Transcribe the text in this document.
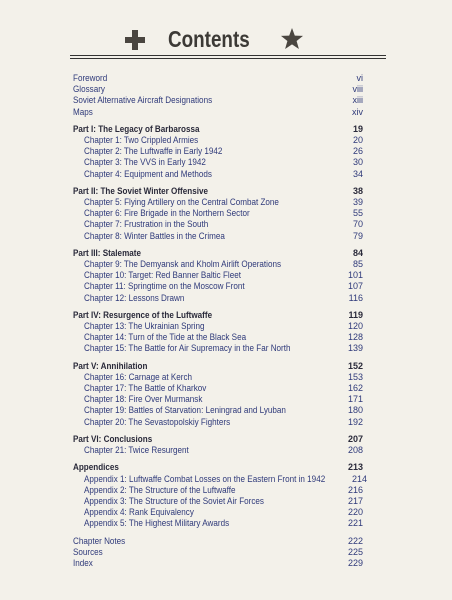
Contents
Foreword	vi
Glossary	viii
Soviet Alternative Aircraft Designations	xiii
Maps	xiv
Part I: The Legacy of Barbarossa	19
Chapter 1: Two Crippled Armies	20
Chapter 2: The Luftwaffe in Early 1942	26
Chapter 3: The VVS in Early 1942	30
Chapter 4: Equipment and Methods	34
Part II: The Soviet Winter Offensive	38
Chapter 5: Flying Artillery on the Central Combat Zone	39
Chapter 6: Fire Brigade in the Northern Sector	55
Chapter 7: Frustration in the South	70
Chapter 8: Winter Battles in the Crimea	79
Part III: Stalemate	84
Chapter 9: The Demyansk and Kholm Airlift Operations	85
Chapter 10: Target: Red Banner Baltic Fleet	101
Chapter 11: Springtime on the Moscow Front	107
Chapter 12: Lessons Drawn	116
Part IV: Resurgence of the Luftwaffe	119
Chapter 13: The Ukrainian Spring	120
Chapter 14: Turn of the Tide at the Black Sea	128
Chapter 15: The Battle for Air Supremacy in the Far North	139
Part V: Annihilation	152
Chapter 16: Carnage at Kerch	153
Chapter 17: The Battle of Kharkov	162
Chapter 18: Fire Over Murmansk	171
Chapter 19: Battles of Starvation: Leningrad and Lyuban	180
Chapter 20: The Sevastopolskiy Fighters	192
Part VI: Conclusions	207
Chapter 21: Twice Resurgent	208
Appendices	213
Appendix 1: Luftwaffe Combat Losses on the Eastern Front in 1942	214
Appendix 2: The Structure of the Luftwaffe	216
Appendix 3: The Structure of the Soviet Air Forces	217
Appendix 4: Rank Equivalency	220
Appendix 5: The Highest Military Awards	221
Chapter Notes	222
Sources	225
Index	229
